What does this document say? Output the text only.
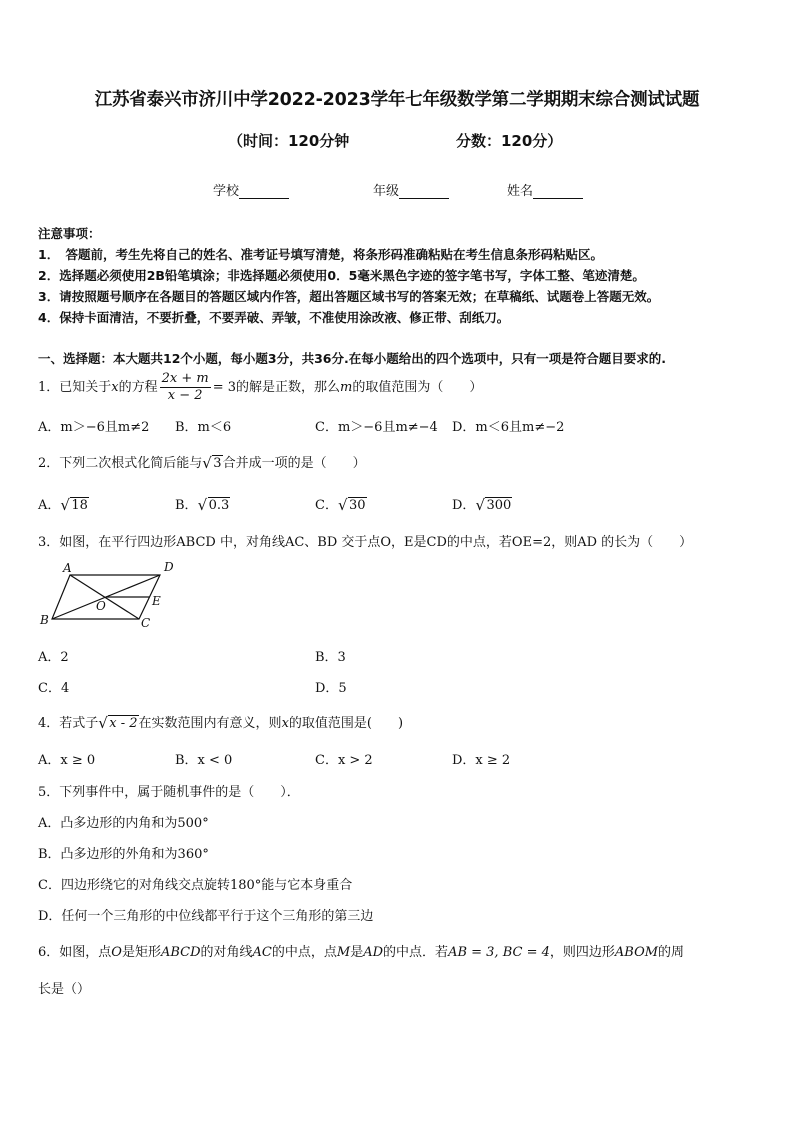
江苏省泰兴市济川中学2022-2023学年七年级数学第二学期期末综合测试试题
（时间：120分钟	分数：120分）
学校	年级	姓名
注意事项：
1．　答题前，考生先将自己的姓名、准考证号填写清楚，将条形码准确粘贴在考生信息条形码粘贴区。
2．选择题必须使用2B铅笔填涂；非选择题必须使用0．5毫米黑色字迹的签字笔书写，字体工整、笔迹清楚。
3．请按照题号顺序在各题目的答题区域内作答，超出答题区域书写的答案无效；在草稿纸、试题卷上答题无效。
4．保持卡面清洁，不要折叠，不要弄破、弄皱，不准使用涂改液、修正带、刮纸刀。
一、选择题：本大题共12个小题，每小题3分，共36分.在每小题给出的四个选项中，只有一项是符合题目要求的.
1．已知关于x的方程 $\frac{2x + m}{x - 2} = 3$的解是正数，那么m的取值范围为（　　）
A．m＞−6且m≠2 B．m＜6	C．m＞−6且m≠−4 D．m＜6且m≠−2
2．下列二次根式化简后能与 √ 3合并成一项的是（　　）
A． √ 18	B． √ 0.3	C． √ 30	D． √ 300
3．如图，在平行四边形ABCD 中，对角线AC、BD 交于点O，E是CD的中点，若OE=2，则AD 的长为（　　）
A	D
B	C
O	E
A．2	B．3
C．4	D．5
4．若式子 √ x - 2在实数范围内有意义，则x的取值范围是(　　)
A．x ≥ 0	B．x < 0	C．x > 2	D．x ≥ 2
5．下列事件中，属于随机事件的是（　　）．
A．凸多边形的内角和为500°
B．凸多边形的外角和为360°
C．四边形绕它的对角线交点旋转180°能与它本身重合
D．任何一个三角形的中位线都平行于这个三角形的第三边
6．如图，点O是矩形ABCD的对角线AC的中点，点M是AD的中点．若AB = 3, BC = 4，则四边形ABOM的周
长是（）
